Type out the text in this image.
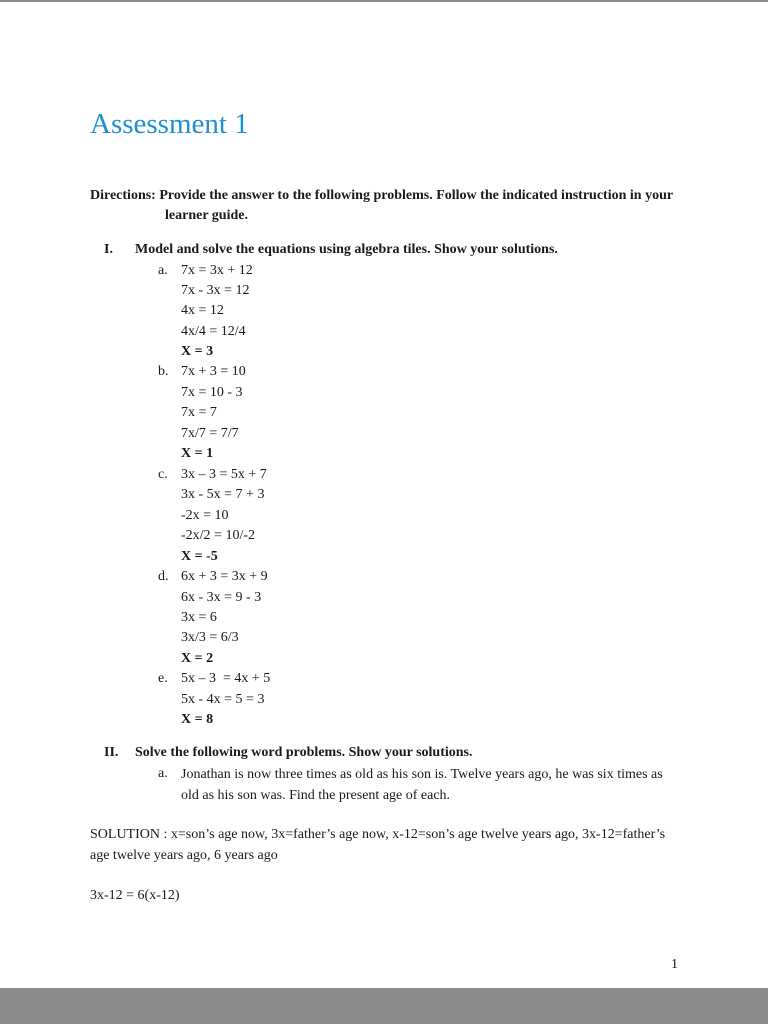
Assessment 1
Directions: Provide the answer to the following problems. Follow the indicated instruction in your
learner guide.
I. Model and solve the equations using algebra tiles. Show your solutions.
a. 7x = 3x + 12
7x - 3x = 12
4x = 12
4x/4 = 12/4
X = 3
b. 7x + 3 = 10
7x = 10 - 3
7x = 7
7x/7 = 7/7
X = 1
c. 3x – 3 = 5x + 7
3x - 5x = 7 + 3
-2x = 10
-2x/2 = 10/-2
X = -5
d. 6x + 3 = 3x + 9
6x - 3x = 9 - 3
3x = 6
3x/3 = 6/3
X = 2
e. 5x – 3  = 4x + 5
5x - 4x = 5 = 3
X = 8
II. Solve the following word problems. Show your solutions.
a. Jonathan is now three times as old as his son is. Twelve years ago, he was six times as
old as his son was. Find the present age of each.
SOLUTION : x=son’s age now, 3x=father’s age now, x-12=son’s age twelve years ago, 3x-12=father’s
age twelve years ago, 6 years ago
3x-12 = 6(x-12)
1
